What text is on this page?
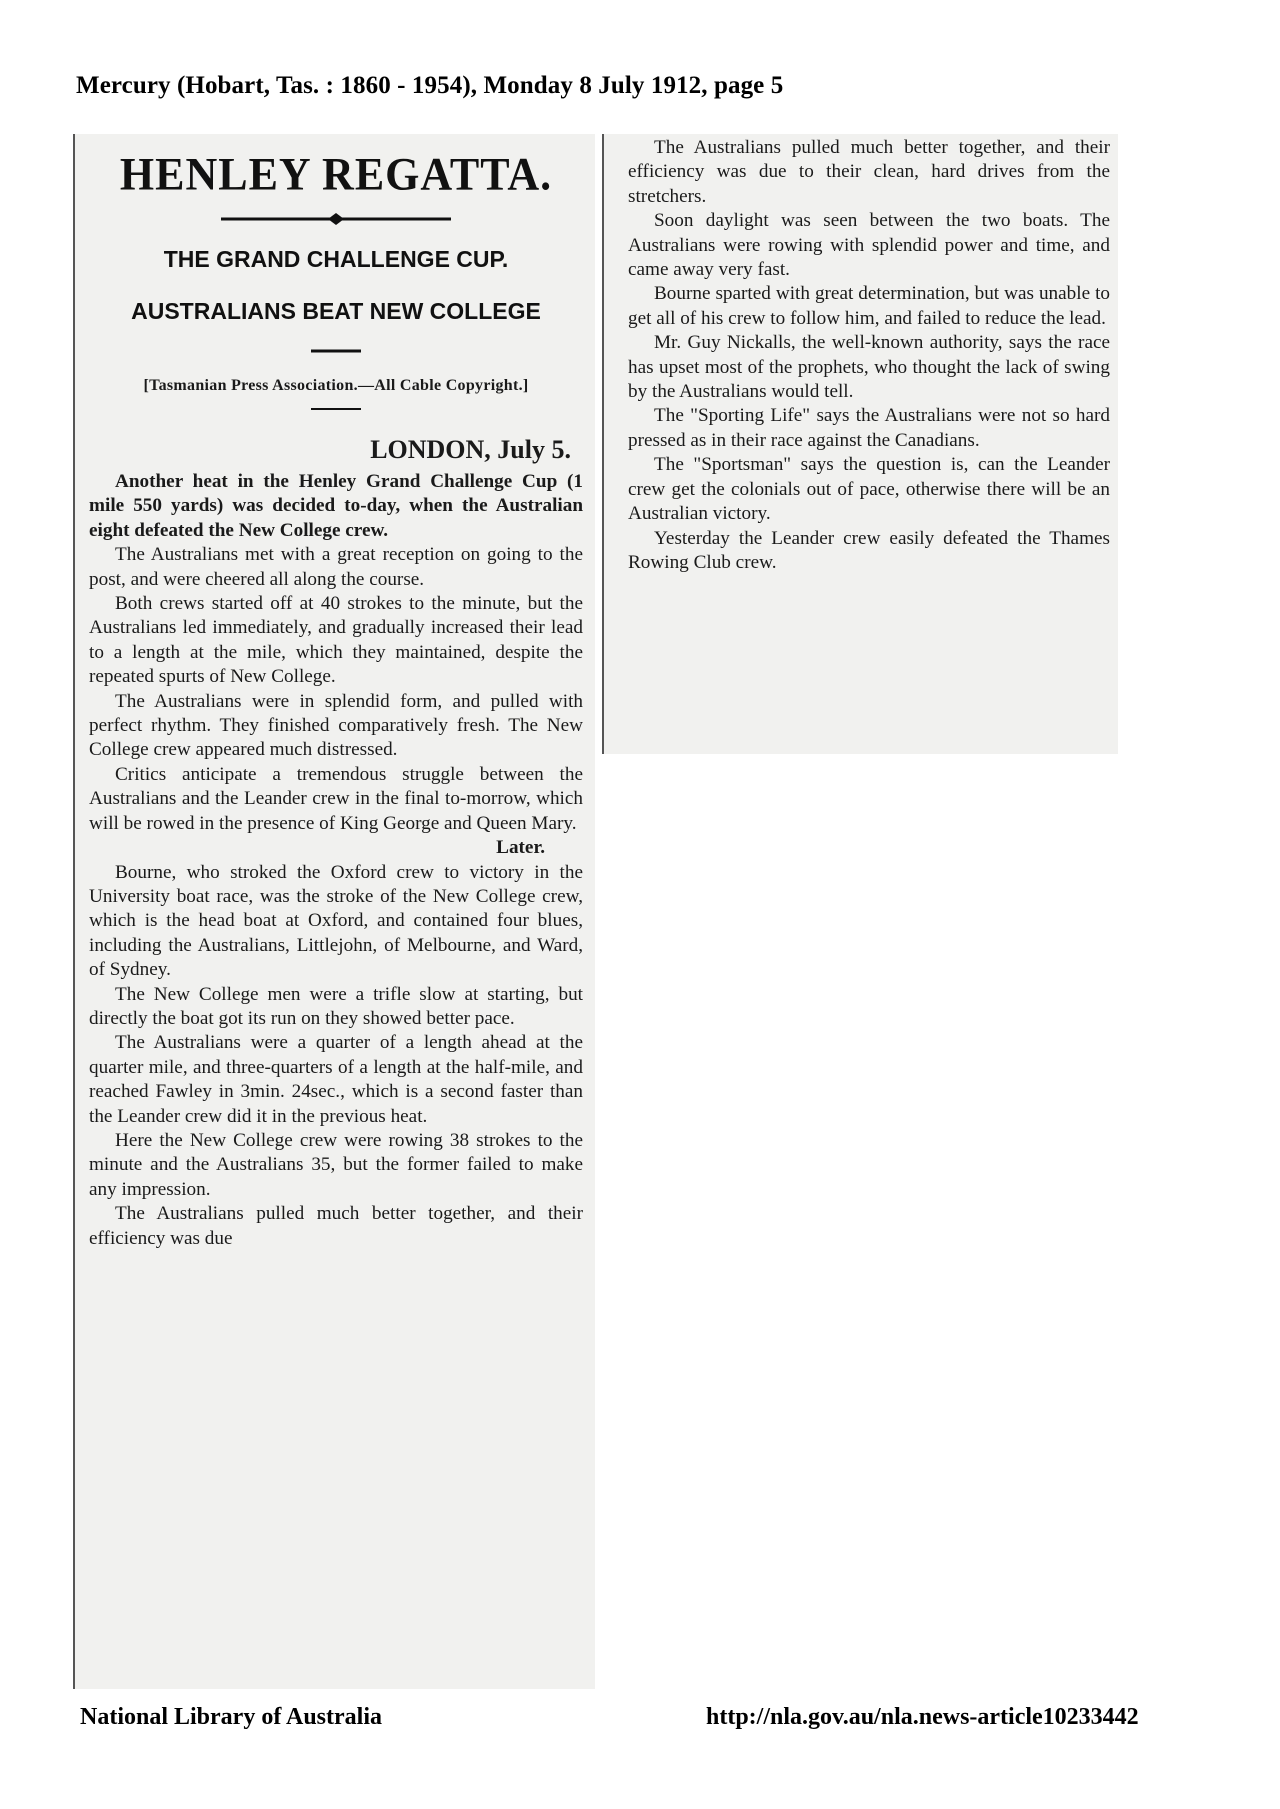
Mercury (Hobart, Tas. : 1860 - 1954), Monday 8 July 1912, page 5
HENLEY REGATTA.
THE GRAND CHALLENGE CUP.
AUSTRALIANS BEAT NEW COLLEGE
[Tasmanian Press Association.—All Cable Copyright.]
LONDON, July 5.

Another heat in the Henley Grand Challenge Cup (1 mile 550 yards) was decided to-day, when the Australian eight defeated the New College crew.

The Australians met with a great reception on going to the post, and were cheered all along the course.

Both crews started off at 40 strokes to the minute, but the Australians led immediately, and gradually increased their lead to a length at the mile, which they maintained, despite the repeated spurts of New College.

The Australians were in splendid form, and pulled with perfect rhythm. They finished comparatively fresh. The New College crew appeared much distressed.

Critics anticipate a tremendous struggle between the Australians and the Leander crew in the final to-morrow, which will be rowed in the presence of King George and Queen Mary.

Later.

Bourne, who stroked the Oxford crew to victory in the University boat race, was the stroke of the New College crew, which is the head boat at Oxford, and contained four blues, including the Australians, Littlejohn, of Melbourne, and Ward, of Sydney.

The New College men were a trifle slow at starting, but directly the boat got its run on they showed better pace.

The Australians were a quarter of a length ahead at the quarter mile, and three-quarters of a length at the half-mile, and reached Fawley in 3min. 24sec., which is a second faster than the Leander crew did it in the previous heat.

Here the New College crew were rowing 38 strokes to the minute and the Australians 35, but the former failed to make any impression.

The Australians pulled much better together, and their efficiency was due

The Australians pulled much better together, and their efficiency was due to their clean, hard drives from the stretchers.

Soon daylight was seen between the two boats. The Australians were rowing with splendid power and time, and came away very fast.

Bourne sparted with great determination, but was unable to get all of his crew to follow him, and failed to reduce the lead.

Mr. Guy Nickalls, the well-known authority, says the race has upset most of the prophets, who thought the lack of swing by the Australians would tell.

The "Sporting Life" says the Australians were not so hard pressed as in their race against the Canadians.

The "Sportsman" says the question is, can the Leander crew get the colonials out of pace, otherwise there will be an Australian victory.

Yesterday the Leander crew easily defeated the Thames Rowing Club crew.

National Library of Australia	http://nla.gov.au/nla.news-article10233442
